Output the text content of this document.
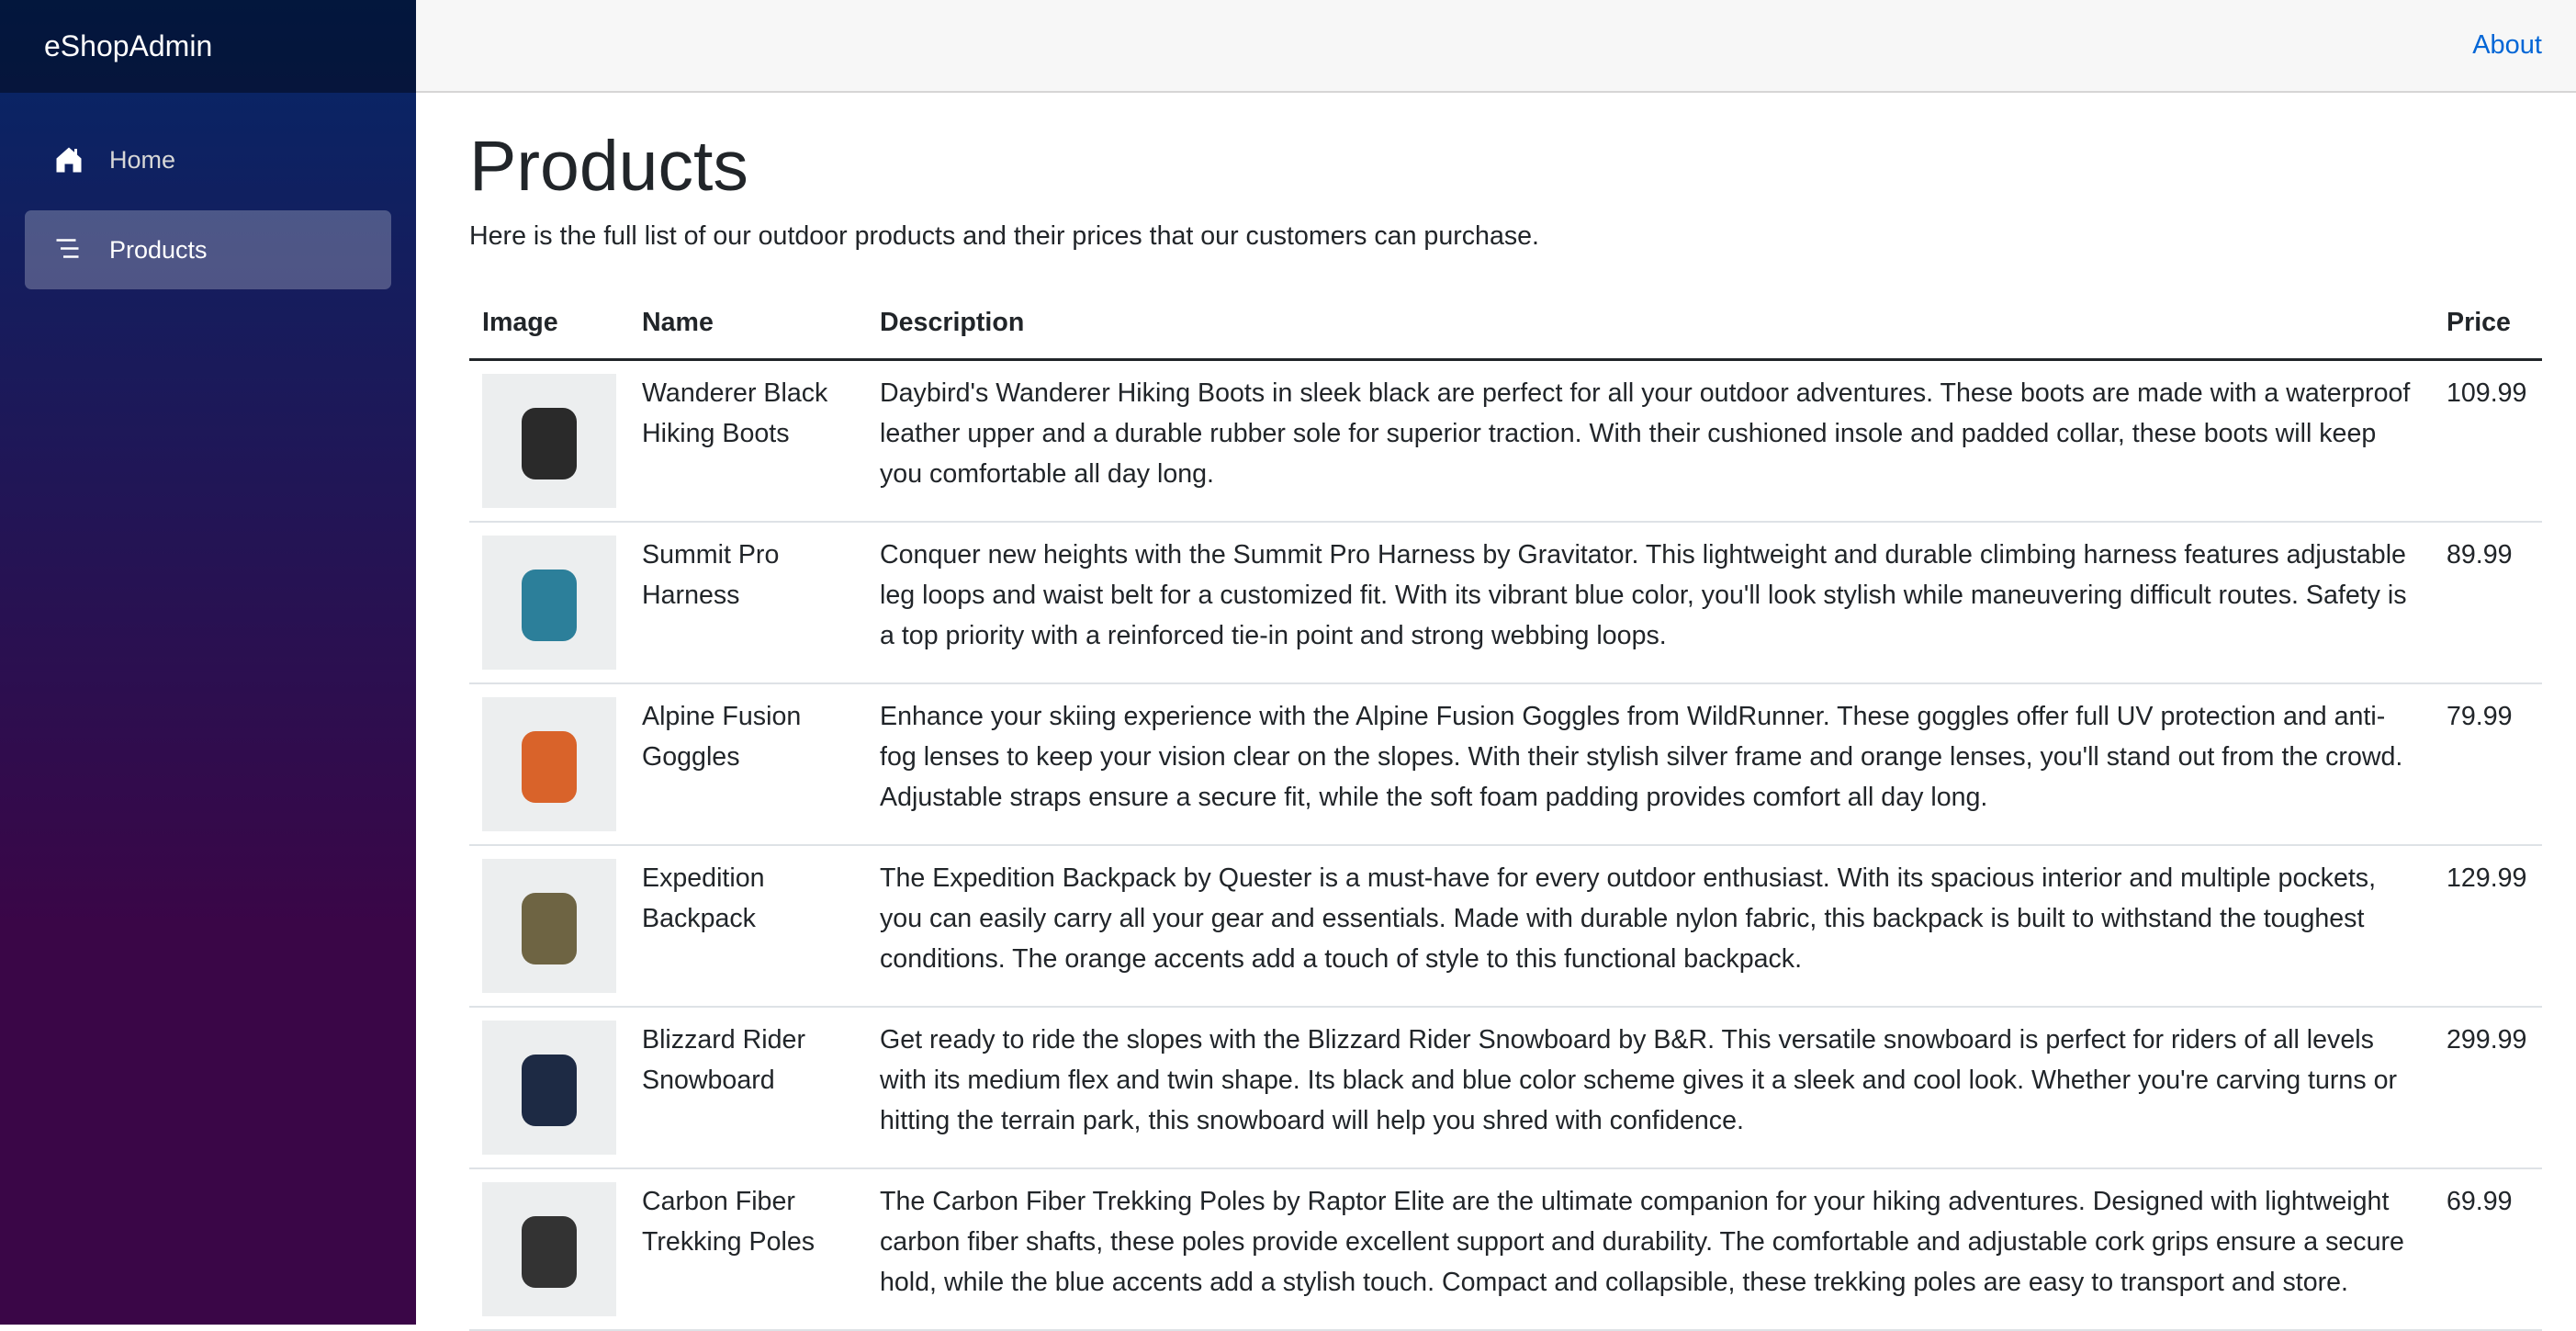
eShopAdmin
Home
Products
About
Products

Here is the full list of our outdoor products and their prices that our customers can purchase.

Image	Name	Description	Price

	Wanderer Black Hiking Boots	Daybird's Wanderer Hiking Boots in sleek black are perfect for all your outdoor adventures. These boots are made with a waterproof leather upper and a durable rubber sole for superior traction. With their cushioned insole and padded collar, these boots will keep you comfortable all day long.	109.99

	Summit Pro Harness	Conquer new heights with the Summit Pro Harness by Gravitator. This lightweight and durable climbing harness features adjustable leg loops and waist belt for a customized fit. With its vibrant blue color, you'll look stylish while maneuvering difficult routes. Safety is a top priority with a reinforced tie-in point and strong webbing loops.	89.99

	Alpine Fusion Goggles	Enhance your skiing experience with the Alpine Fusion Goggles from WildRunner. These goggles offer full UV protection and anti-fog lenses to keep your vision clear on the slopes. With their stylish silver frame and orange lenses, you'll stand out from the crowd. Adjustable straps ensure a secure fit, while the soft foam padding provides comfort all day long.	79.99

	Expedition Backpack	The Expedition Backpack by Quester is a must-have for every outdoor enthusiast. With its spacious interior and multiple pockets, you can easily carry all your gear and essentials. Made with durable nylon fabric, this backpack is built to withstand the toughest conditions. The orange accents add a touch of style to this functional backpack.	129.99

	Blizzard Rider Snowboard	Get ready to ride the slopes with the Blizzard Rider Snowboard by B&R. This versatile snowboard is perfect for riders of all levels with its medium flex and twin shape. Its black and blue color scheme gives it a sleek and cool look. Whether you're carving turns or hitting the terrain park, this snowboard will help you shred with confidence.	299.99

	Carbon Fiber Trekking Poles	The Carbon Fiber Trekking Poles by Raptor Elite are the ultimate companion for your hiking adventures. Designed with lightweight carbon fiber shafts, these poles provide excellent support and durability. The comfortable and adjustable cork grips ensure a secure hold, while the blue accents add a stylish touch. Compact and collapsible, these trekking poles are easy to transport and store.	69.99
